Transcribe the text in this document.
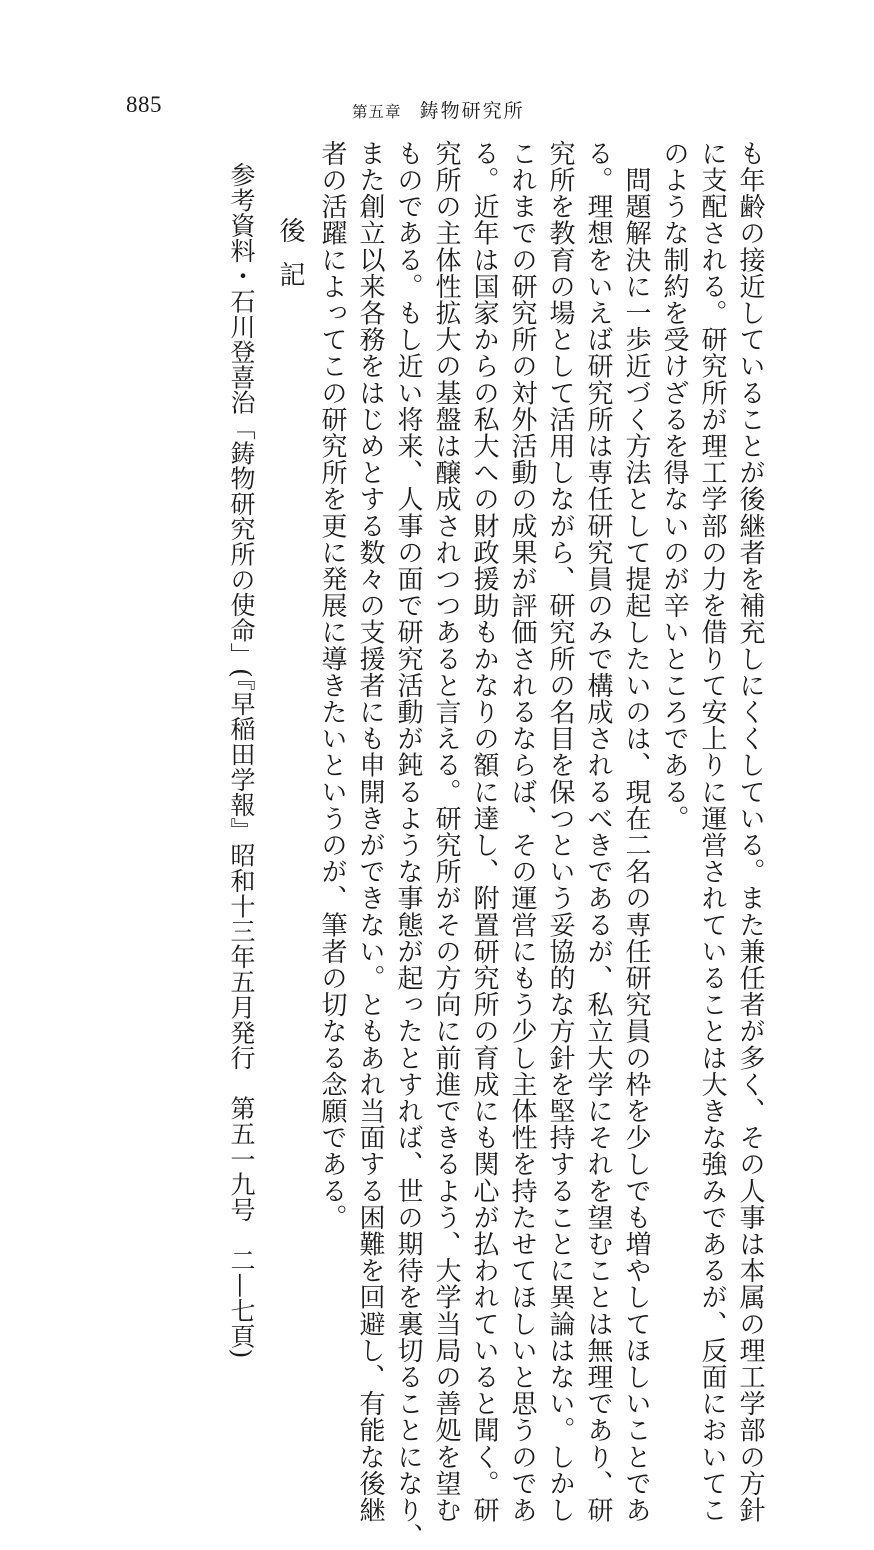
885	第五章 鋳物研究所
も年齢の接近していることが後継者を補充しにくくしている。また兼任者が多く、その人事は本属の理工学部の方針
に支配される。研究所が理工学部の力を借りて安上りに運営されていることは大きな強みであるが、反面においてこ
のような制約を受けざるを得ないのが辛いところである。
　問題解決に一歩近づく方法として提起したいのは、現在二名の専任研究員の枠を少しでも増やしてほしいことであ
る。理想をいえば研究所は専任研究員のみで構成されるべきであるが、私立大学にそれを望むことは無理であり、研
究所を教育の場として活用しながら、研究所の名目を保つという妥協的な方針を堅持することに異論はない。しかし
これまでの研究所の対外活動の成果が評価されるならば、その運営にもう少し主体性を持たせてほしいと思うのであ
る。近年は国家からの私大への財政援助もかなりの額に達し、附置研究所の育成にも関心が払われていると聞く。研
究所の主体性拡大の基盤は醸成されつつあると言える。研究所がその方向に前進できるよう、大学当局の善処を望む
ものである。もし近い将来、人事の面で研究活動が鈍るような事態が起ったとすれば、世の期待を裏切ることになり、
また創立以来各務をはじめとする数々の支援者にも申開きができない。ともあれ当面する困難を回避し、有能な後継
者の活躍によってこの研究所を更に発展に導きたいというのが、筆者の切なる念願である。
後記
参考資料・石川登喜治「鋳物研究所の使命」(『早稲田学報』昭和十三年五月発行　第五一九号　二—七頁)
